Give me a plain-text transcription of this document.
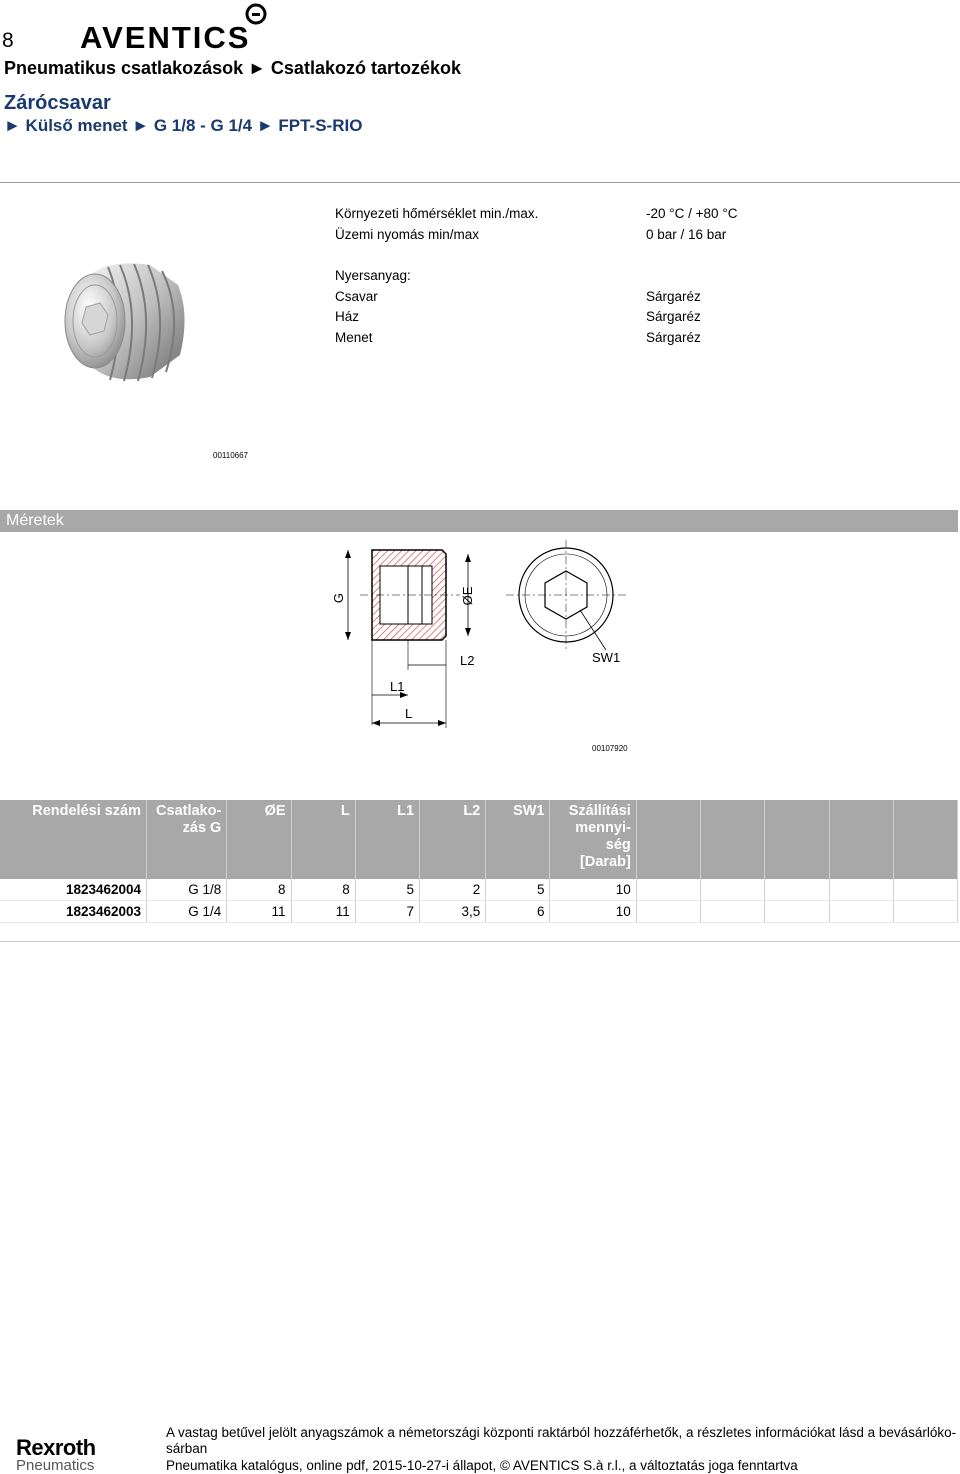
8 AVENTICS
Pneumatikus csatlakozások ► Csatlakozó tartozékok
Zárócsavar
► Külső menet ► G 1/8 - G 1/4 ► FPT-S-RIO
Környezeti hőmérséklet min./max.	-20 °C / +80 °C
Üzemi nyomás min/max	0 bar / 16 bar
Nyersanyag:
Csavar	Sárgaréz
Ház	Sárgaréz
Menet	Sárgaréz
00110667
Méretek
G	ØE
L2
L1
L
SW1
00107920
Rendelési szám	Csatlako-
zás G	ØE	L	L1	L2	SW1	Szállítási
mennyi-
ség
[Darab]					
1823462004	G 1/8	8	8	5	2	5	10					
1823462003	G 1/4	11	11	7	3,5	6	10					
Rexroth
Pneumatics
A vastag betűvel jelölt anyagszámok a németországi központi raktárból hozzáférhetők, a részletes információkat lásd a bevásárlóko-
sárban
Pneumatika katalógus, online pdf, 2015-10-27-i állapot, © AVENTICS S.à r.l., a változtatás joga fenntartva
